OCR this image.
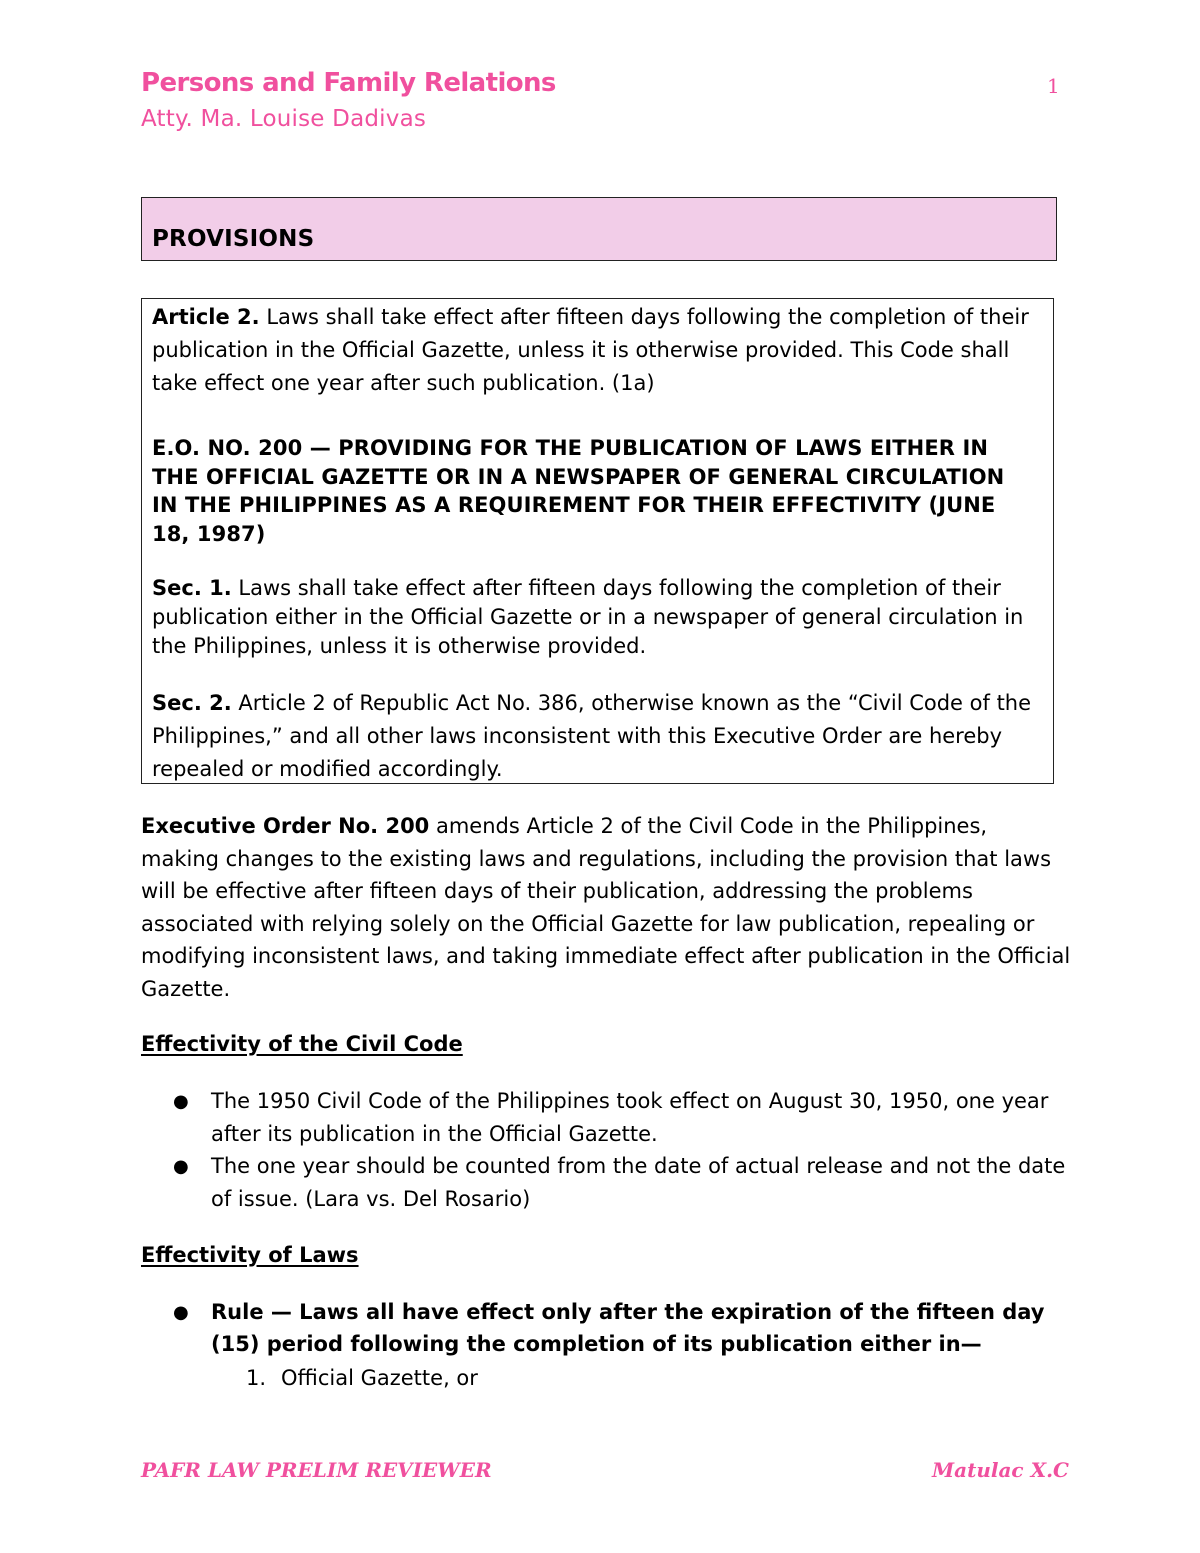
Persons and Family Relations
Atty. Ma. Louise Dadivas
1
PROVISIONS
Article 2. Laws shall take effect after fifteen days following the completion of their
publication in the Official Gazette, unless it is otherwise provided. This Code shall
take effect one year after such publication. (1a)
E.O. NO. 200 — PROVIDING FOR THE PUBLICATION OF LAWS EITHER IN
THE OFFICIAL GAZETTE OR IN A NEWSPAPER OF GENERAL CIRCULATION
IN THE PHILIPPINES AS A REQUIREMENT FOR THEIR EFFECTIVITY (JUNE
18, 1987)
Sec. 1. Laws shall take effect after fifteen days following the completion of their
publication either in the Official Gazette or in a newspaper of general circulation in
the Philippines, unless it is otherwise provided.
Sec. 2. Article 2 of Republic Act No. 386, otherwise known as the “Civil Code of the
Philippines,” and all other laws inconsistent with this Executive Order are hereby
repealed or modified accordingly.
Executive Order No. 200 amends Article 2 of the Civil Code in the Philippines,
making changes to the existing laws and regulations, including the provision that laws
will be effective after fifteen days of their publication, addressing the problems
associated with relying solely on the Official Gazette for law publication, repealing or
modifying inconsistent laws, and taking immediate effect after publication in the Official
Gazette.
Effectivity of the Civil Code
● The 1950 Civil Code of the Philippines took effect on August 30, 1950, one year
after its publication in the Official Gazette.
● The one year should be counted from the date of actual release and not the date
of issue. (Lara vs. Del Rosario)
Effectivity of Laws
● Rule — Laws all have effect only after the expiration of the fifteen day
(15) period following the completion of its publication either in—
1. Official Gazette, or
PAFR LAW PRELIM REVIEWER	Matulac X.C
